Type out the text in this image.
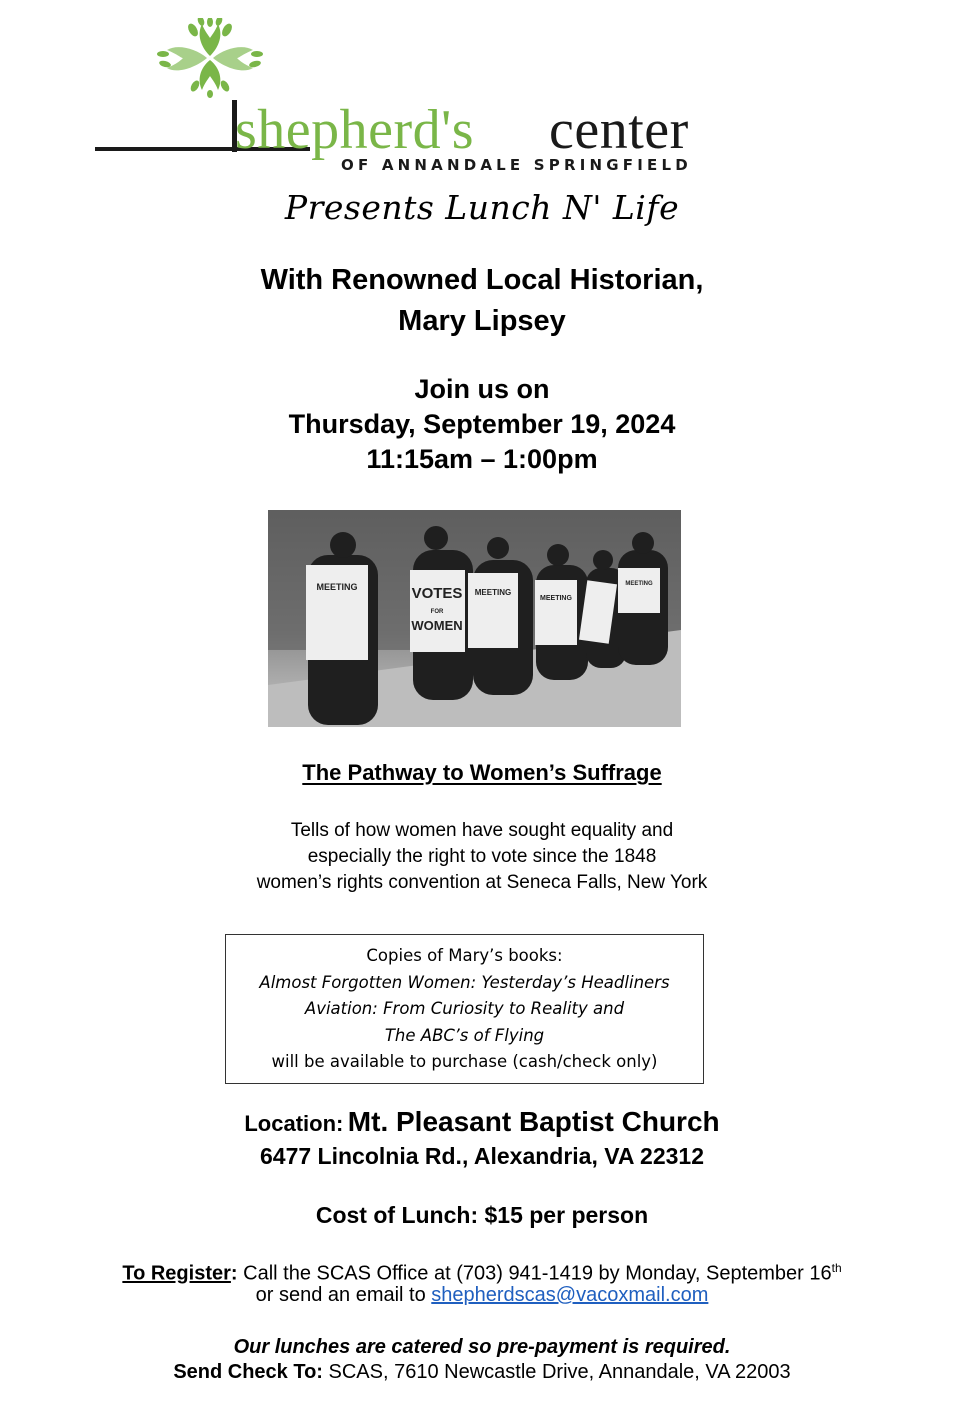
shepherd's center
OF ANNANDALE SPRINGFIELD
Presents Lunch N' Life
With Renowned Local Historian,
Mary Lipsey
Join us on
Thursday, September 19, 2024
11:15am – 1:00pm
MEETING	VOTES
FOR
WOMEN
MEETING
MEETING
MEETING
The Pathway to Women’s Suffrage
Tells of how women have sought equality and
especially the right to vote since the 1848
women’s rights convention at Seneca Falls, New York
Copies of Mary’s books:
Almost Forgotten Women: Yesterday’s Headliners
Aviation: From Curiosity to Reality and
The ABC’s of Flying
will be available to purchase (cash/check only)
Location: Mt. Pleasant Baptist Church
6477 Lincolnia Rd., Alexandria, VA 22312
Cost of Lunch: $15 per person
To Register: Call the SCAS Office at (703) 941-1419 by Monday, September 16th
or send an email to shepherdscas@vacoxmail.com
Our lunches are catered so pre-payment is required.
Send Check To: SCAS, 7610 Newcastle Drive, Annandale, VA 22003
